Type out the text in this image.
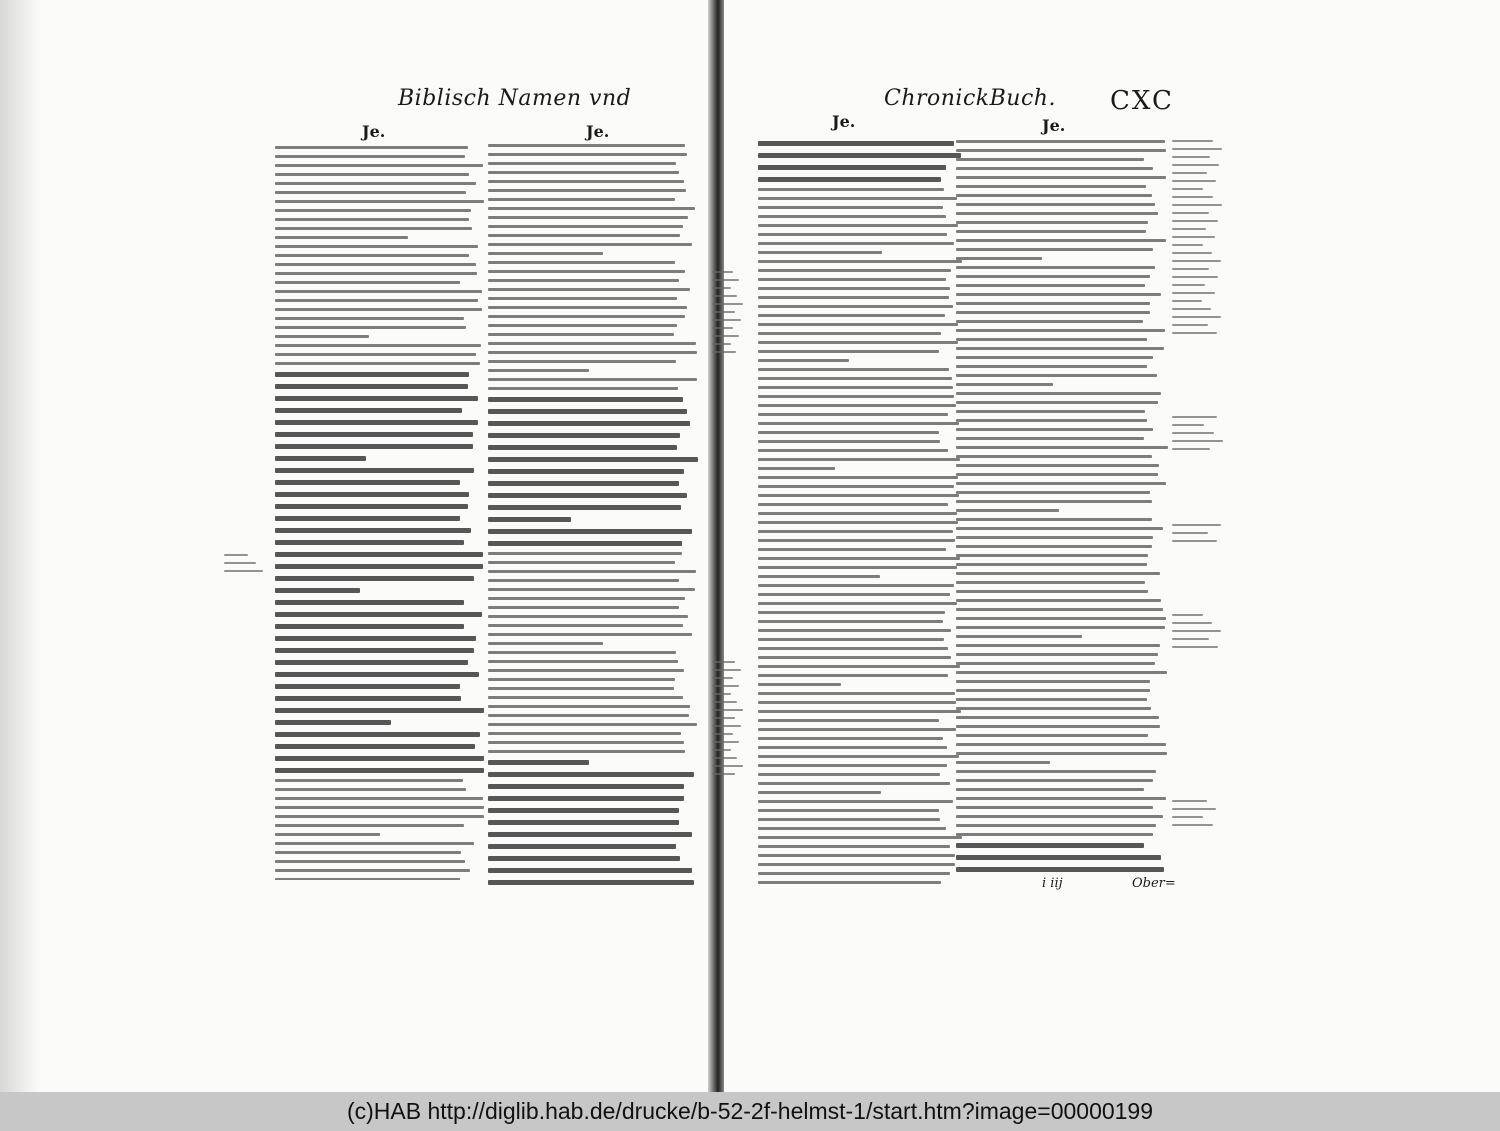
Biblisch Namen vnd
Je.	Je.
ChronickBuch. CXC
Je.	Je.
i iij	Ober=
(c)HAB http://diglib.hab.de/drucke/b-52-2f-helmst-1/start.htm?image=00000199
